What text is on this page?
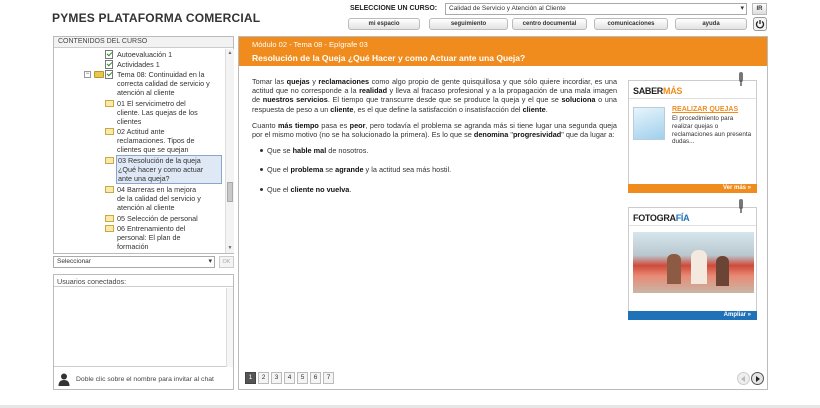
PYMES PLATAFORMA COMERCIAL
SELECCIONE UN CURSO:	Calidad de Servicio y Atención al Cliente	▾	IR
mi espacio	seguimiento	centro documental	comunicaciones	ayuda
CONTENIDOS DEL CURSO
Autoevaluación 1
Actividades 1
−	Tema 08: Continuidad en la
correcta calidad de servicio y
atención al cliente
01 El servicimetro del
cliente. Las quejas de los
clientes
02 Actitud ante
reclamaciones. Tipos de
clientes que se quejan
03 Resolución de la queja
¿Qué hacer y como actuar
ante una queja?
04 Barreras en la mejora
de la calidad del servicio y
atención al cliente
05 Selección de personal
06 Entrenamiento del
personal: El plan de
formación
▲
▼
Seleccionar	▾	OK
Usuarios conectados:
Doble clic sobre el nombre para invitar al chat
Módulo 02 - Tema 08 - Epígrafe 03
Resolución de la Queja ¿Qué Hacer y como Actuar ante una Queja?

Tomar las quejas y reclamaciones como algo propio de gente quisquillosa y que sólo quiere incordiar, es una actitud que no corresponde a la realidad y lleva al fracaso profesional y a la propagación de una mala imagen de nuestros servicios. El tiempo que transcurre desde que se produce la queja y el que se soluciona o una respuesta de peso a un cliente, es el que define la satisfacción o insatisfacción del cliente.

Cuanto más tiempo pasa es peor, pero todavía el problema se agranda más si tiene lugar una segunda queja por el mismo motivo (no se ha solucionado la primera). Es lo que se denomina "progresividad" que da lugar a:

Que se hable mal de nosotros.
Que el problema se agrande y la actitud sea más hostil.
Que el cliente no vuelva.
SABERMÁS
REALIZAR QUEJAS
El procedimiento para realizar quejas o reclamaciones aun presenta dudas...
Ver más »
FOTOGRAFÍA
Ampliar »
1	2	3	4	5	6	7
